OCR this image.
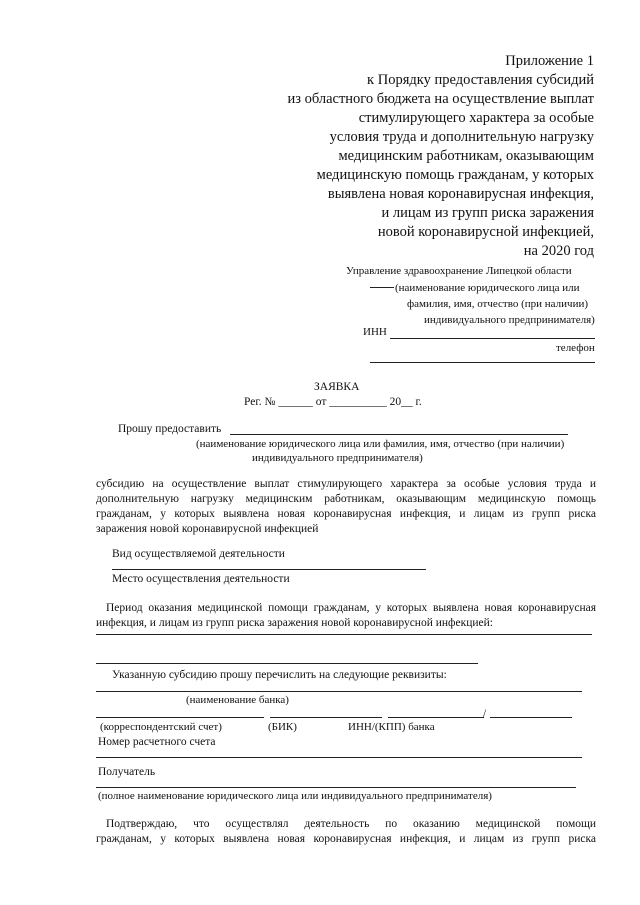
Приложение 1
к Порядку предоставления субсидий
из областного бюджета на осуществление выплат
стимулирующего характера за особые
условия труда и дополнительную нагрузку
медицинским работникам, оказывающим
медицинскую помощь гражданам, у которых
выявлена новая коронавирусная инфекция,
и лицам из групп риска заражения
новой коронавирусной инфекцией,
на 2020 год
Управление здравоохранение Липецкой области
(наименование юридического лица или
фамилия, имя, отчество (при наличии)
индивидуального предпринимателя)
ИНН
телефон
ЗАЯВКА
Рег. № ______ от __________ 20__ г.
Прошу предоставить
(наименование юридического лица или фамилия, имя, отчество (при наличии)
индивидуального предпринимателя)
субсидию на осуществление выплат стимулирующего характера за особые условия труда и
дополнительную нагрузку медицинским работникам, оказывающим медицинскую помощь
гражданам, у которых выявлена новая коронавирусная инфекция, и лицам из групп риска
заражения новой коронавирусной инфекцией
Вид осуществляемой деятельности
Место осуществления деятельности
Период оказания медицинской помощи гражданам, у которых выявлена новая коронавирусная
инфекция, и лицам из групп риска заражения новой коронавирусной инфекцией:
Указанную субсидию прошу перечислить на следующие реквизиты:
(наименование банка)
/
(корреспондентский счет)	(БИК)	ИНН/(КПП) банка
Номер расчетного счета
Получатель
(полное наименование юридического лица или индивидуального предпринимателя)
Подтверждаю, что осуществлял деятельность по оказанию медицинской помощи
гражданам, у которых выявлена новая коронавирусная инфекция, и лицам из групп риска
